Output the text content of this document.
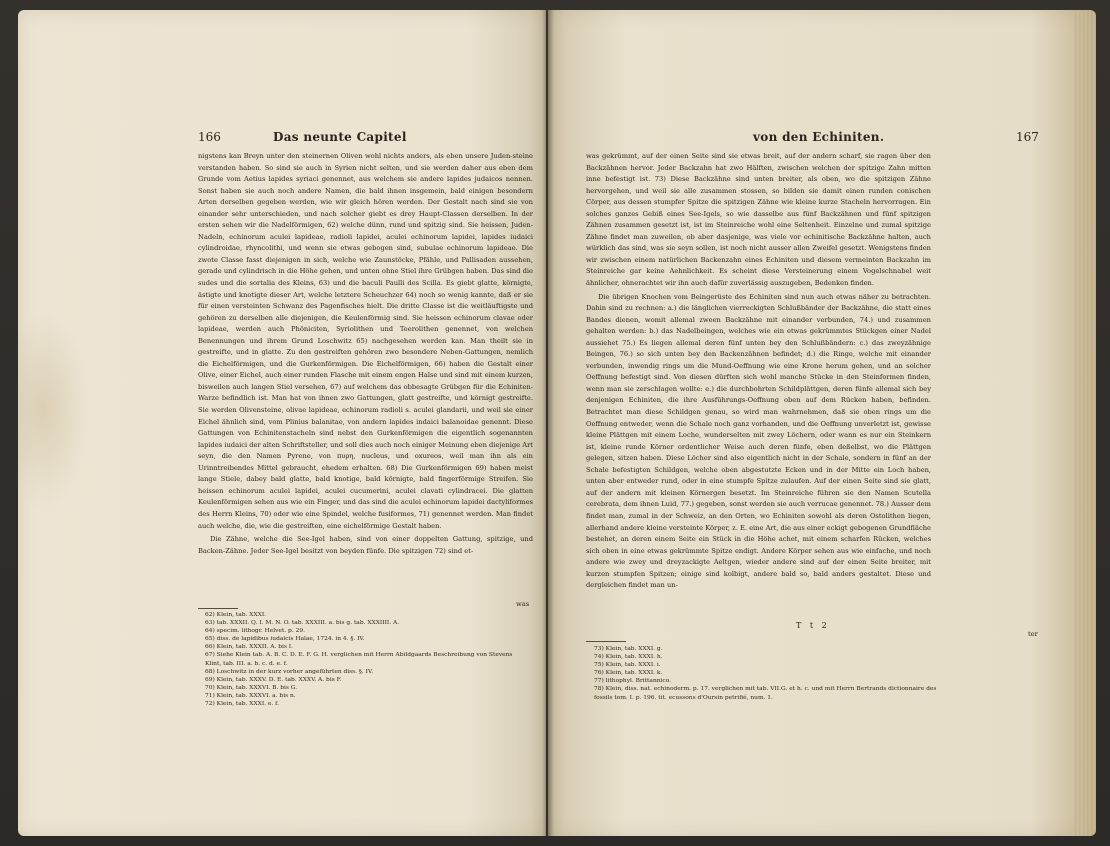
166	Das neunte Capitel

nigstens kan Breyn unter den steinernen Oliven wohl nichts anders, als eben unsere Juden-steine verstanden haben. So sind sie auch in Syrien nicht selten, und sie werden daher aus eben dem Grunde vom Aetius lapides syriaci genennet, aus welchem sie andere lapides judaicos nennen. Sonst haben sie auch noch andere Namen, die bald ihnen insgemein, bald einigen besondern Arten derselben gegeben werden, wie wir gleich hören werden. Der Gestalt nach sind sie von einander sehr unterschieden, und nach solcher giebt es drey Haupt-Classen derselben. In der ersten sehen wir die Nadelförmigen, 62) welche dünn, rund und spitzig sind. Sie heissen, Juden-Nadeln, echinorum aculei lapideae, radioli lapidei, aculei echinorum lapidei, lapides iudaici cylindroidae, rhyncolithi, und wenn sie etwas gebogen sind, subulae echinorum lapideae. Die zwote Classe fasst diejenigen in sich, welche wie Zaunstöcke, Pfähle, und Pallisaden aussehen, gerade und cylindrisch in die Höhe gehen, und unten ohne Stiel ihre Grübgen haben. Das sind die sudes und die sortalia des Kleins, 63) und die baculi Paulli des Scilla. Es giebt glatte, körnigte, ästigte und knotigte dieser Art, welche letztere Scheuchzer 64) noch so wenig kannte, daß er sie für einen versteinten Schwanz des Pagenfisches hielt. Die dritte Classe ist die weitläuftigste und gehören zu derselben alle diejenigen, die Keulenförmig sind. Sie heissen echinorum clavae oder lapideae, werden auch Phöniciten, Syriolithen und Teerolithen genennet, von welchen Benennungen und ihrem Grund Loschwitz 65) nachgesehen werden kan. Man theilt sie in gestreifte, und in glatte. Zu den gestreiften gehören zwo besondere Neben-Gattungen, nemlich die Eichelförmigen, und die Gurkenförmigen. Die Eichelförmigen, 66) haben die Gestalt einer Olive, einer Eichel, auch einer runden Flasche mit einem engen Halse und sind mit einem kurzen, bisweilen auch langen Stiel versehen, 67) auf welchem das obbesagte Grübgen für die Echiniten-Warze befindlich ist. Man hat von ihnen zwo Gattungen, glatt gestreifte, und körnigt gestreifte. Sie werden Olivensteine, olivae lapideae, echinorum radioli s. aculei glandarii, und weil sie einer Eichel ähnlich sind, vom Plinius balanitae, von andern lapides indaici balanoidae genennt. Diese Gattungen von Echinitenstacheln sind nebst den Gurkenförmigen die eigentlich sogenannten lapides iudaici der alten Schriftsteller, und soll dies auch noch einiger Meinung eben diejenige Art seyn, die den Namen Pyrene, von πυρη, nucleus, und oxureos, weil man ihn als ein Urinntreibendes Mittel gebraucht, ehedem erhalten. 68) Die Gurkenförmigen 69) haben meist lange Stiele, dabey bald glatte, bald knotige, bald körnigte, bald fingerförmige Streifen. Sie heissen echinorum aculei lapidei, aculei cucumerini, aculei clavati cylindracei. Die glatten Keulenförmigen sehen aus wie ein Finger, und das sind die aculei echinorum lapidei dactyliformes des Herrn Kleins, 70) oder wie eine Spindel, welche fusiformes, 71) genennet werden. Man findet auch welche, die, wie die gestreiften, eine eichelförmige Gestalt haben.

Die Zähne, welche die See-Igel haben, sind von einer doppelten Gattung, spitzige, und Backen-Zähne. Jeder See-Igel besitzt von beyden fünfe. Die spitzigen 72) sind et-

was
62) Klein, tab. XXXI.
63) tab. XXXII. Q. I. M. N. O. tab. XXXIII. a. bis g. tab. XXXIIII. A.
64) specim. lithogr. Helvet. p. 29.
65) diss. de lapidibus iudaicis Halae, 1724. in 4. §. IV.
66) Klein, tab. XXXII. A. bis I.
67) Siehe Klein tab. A. B. C. D. E. F. G. H. verglichen mit Herrn Abildgaards Beschreibung von Stevens Klint, tab. III. a. b. c. d. e. f.
68) Loschwitz in der kurz vorher angeführten diss. §. IV.
69) Klein, tab. XXXV. D. E. tab. XXXV. A. bis F.
70) Klein, tab. XXXVI. B. bis G.
71) Klein, tab. XXXVI. a. bis n.
72) Klein, tab. XXXI. e. f.
von den Echiniten.	167

was gekrümmt, auf der einen Seite sind sie etwas breit, auf der andern scharf, sie ragen über den Backzähnen hervor. Jeder Backzahn hat zwo Hälften, zwischen welchen der spitzige Zahn mitten inne befestigt ist. 73) Diese Backzähne sind unten breiter, als oben, wo die spitzigen Zähne hervorgehen, und weil sie alle zusammen stossen, so bilden sie damit einen runden conischen Cörper, aus dessen stumpfer Spitze die spitzigen Zähne wie kleine kurze Stacheln hervorragen. Ein solches ganzes Gebiß eines See-Igels, so wie dasselbe aus fünf Backzähnen und fünf spitzigen Zähnen zusammen gesetzt ist, ist im Steinreiche wohl eine Seltenheit. Einzelne und zumal spitzige Zähne findet man zuweilen, ob aber dasjenige, was viele vor echinitische Backzähne halten, auch würklich das sind, was sie seyn sollen, ist noch nicht ausser allen Zweifel gesetzt. Wenigstens finden wir zwischen einem natürlichen Backenzahn eines Echiniten und diesem vermeinten Backzahn im Steinreiche gar keine Aehnlichkeit. Es scheint diese Versteinerung einem Vogelschnabel weit ähnlicher, ohnerachtet wir ihn auch dafür zuverlässig auszugeben, Bedenken finden.

Die übrigen Knochen vom Beingerüste des Echiniten sind nun auch etwas näher zu betrachten. Dahin sind zu rechnen: a.) die länglichen vierreckigten Schlußbänder der Backzähne, die statt eines Bandes dienen, womit allemal zween Backzähne mit einander verbunden, 74.) und zusammen gehalten werden: b.) das Nadelbeingen, welches wie ein etwas gekrümmtes Stückgen einer Nadel aussiehet 75.) Es liegen allemal deren fünf unten bey den Schlußbändern: c.) das zweyzähnige Beingen, 76.) so sich unten bey den Backenzähnen befindet; d.) die Ringe, welche mit einander verbunden, inwendig rings um die Mund-Oeffnung wie eine Krone herum gehen, und an solcher Oeffnung befestigt sind. Von diesen dürften sich wohl manche Stücke in den Steinformen finden, wenn man sie zerschlagen wollte: e.) die durchbohrten Schildplättgen, deren fünfe allemal sich bey denjenigen Echiniten, die ihre Ausführungs-Oeffnung oben auf dem Rücken haben, befinden. Betrachtet man diese Schildgen genau, so wird man wahrnehmen, daß sie oben rings um die Oeffnung entweder, wenn die Schale noch ganz vorhanden, und die Oeffnung unverletzt ist, gewisse kleine Plättgen mit einem Loche, wunderselten mit zwey Löchern, oder wann es nur ein Steinkern ist, kleine runde Körner ordentlicher Weise auch deren fünfe, eben deßelbst, wo die Plättgen gelegen, sitzen haben. Diese Löcher sind also eigentlich nicht in der Schale, sondern in fünf an der Schale befestigten Schildgen, welche oben abgestutzte Ecken und in der Mitte ein Loch haben, unten aber entweder rund, oder in eine stumpfe Spitze zulaufen. Auf der einen Seite sind sie glatt, auf der andern mit kleinen Körnergen besetzt. Im Steinreiche führen sie den Namen Scutella cerebrata, dem ihnen Luid, 77.) gegeben, sonst werden sie auch verrucae genennet. 78.) Ausser dem findet man, zumal in der Schweiz, an den Orten, wo Echiniten sowohl als deren Ostolithen liegen, allerhand andere kleine versteinte Körper, z. E. eine Art, die aus einer eckigt gebogenen Grundfläche bestehet, an deren einem Seite ein Stück in die Höhe achet, mit einem scharfen Rücken, welches sich oben in eine etwas gekrümmte Spitze endigt. Andere Körper sehen aus wie einfache, und noch andere wie zwey und dreyzackigte Aeltgen, wieder andere sind auf der einen Seite breiter, mit kurzen stumpfen Spitzen; einige sind kolbigt, andere bald so, bald anders gestaltet. Diese und dergleichen findet man un-

T t 2
ter
73) Klein, tab. XXXI. g.
74) Klein, tab. XXXI. h.
75) Klein, tab. XXXI. i.
76) Klein, tab. XXXI. k.
77) lithophyl. Brittannico.
78) Klein, diss. nat. echinoderm. p. 17. verglichen mit tab. VII.G. et h. c. und mit Herrn Bertrands dictionnaire des fossils tom. I. p. 196. tit. ecussons d'Oursin petrifié, num. 1.
